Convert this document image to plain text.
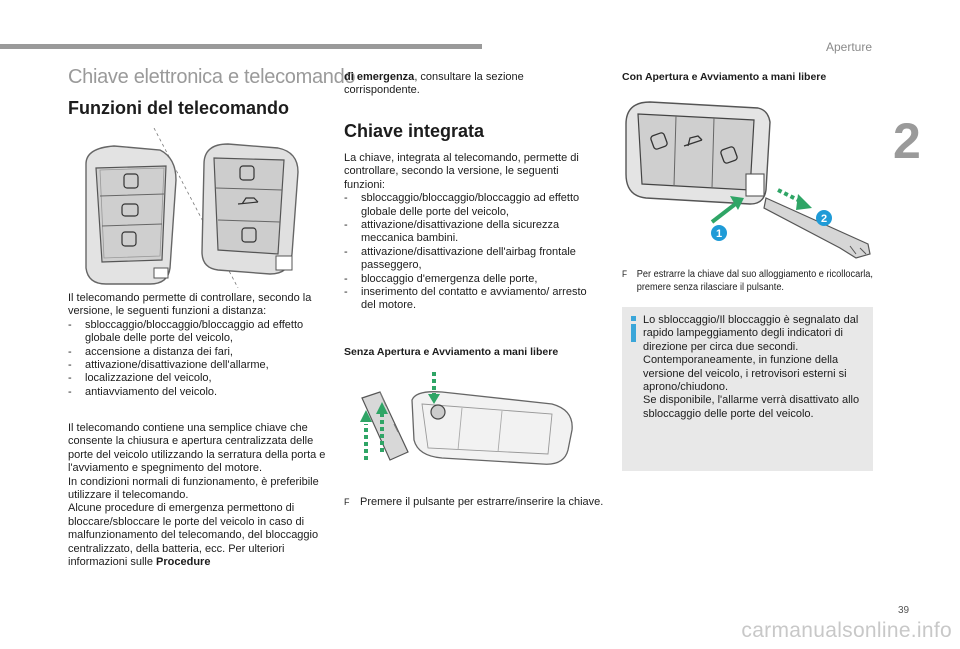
Aperture
2
39
carmanualsonline.info
Chiave elettronica e telecomando
Funzioni del telecomando

Il telecomando permette di controllare, secondo la versione, le seguenti funzioni a distanza:

- sbloccaggio/bloccaggio/bloccaggio ad effetto globale delle porte del veicolo,

- accensione a distanza dei fari,

- attivazione/disattivazione dell'allarme,

- localizzazione del veicolo,

- antiavviamento del veicolo.

Il telecomando contiene una semplice chiave che consente la chiusura e apertura centralizzata delle porte del veicolo utilizzando la serratura della porta e l'avviamento e spegnimento del motore.

In condizioni normali di funzionamento, è preferibile utilizzare il telecomando.

Alcune procedure di emergenza permettono di bloccare/sbloccare le porte del veicolo in caso di malfunzionamento del telecomando, del bloccaggio centralizzato, della batteria, ecc. Per ulteriori informazioni sulle Procedure

di emergenza, consultare la sezione corrispondente.

Chiave integrata

La chiave, integrata al telecomando, permette di controllare, secondo la versione, le seguenti funzioni:

- sbloccaggio/bloccaggio/bloccaggio ad effetto globale delle porte del veicolo,

- attivazione/disattivazione della sicurezza meccanica bambini.

- attivazione/disattivazione dell'airbag frontale passeggero,

- bloccaggio d'emergenza delle porte,

- inserimento del contatto e avviamento/ arresto del motore.

Senza Apertura e Avviamento a mani libere
F Premere il pulsante per estrarre/inserire la chiave.
Con Apertura e Avviamento a mani libere
1
2
F Per estrarre la chiave dal suo alloggiamento e ricollocarla, premere senza rilasciare il pulsante.

Lo sbloccaggio/Il bloccaggio è segnalato dal rapido lampeggiamento degli indicatori di direzione per circa due secondi.

Contemporaneamente, in funzione della versione del veicolo, i retrovisori esterni si aprono/chiudono.

Se disponibile, l'allarme verrà disattivato allo sbloccaggio delle porte del veicolo.
